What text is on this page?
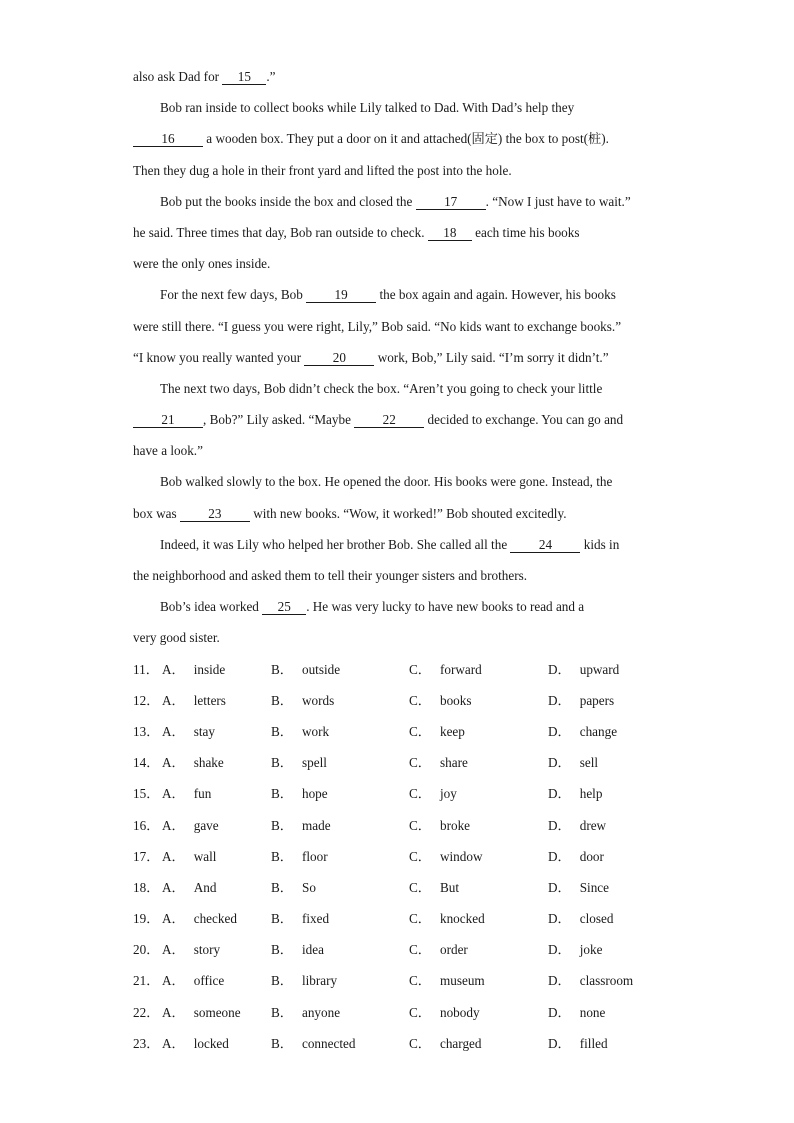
also ask Dad for 15 .”
Bob ran inside to collect books while Lily talked to Dad. With Dad’s help they
16 a wooden box. They put a door on it and attached(固定) the box to post(桩).
Then they dug a hole in their front yard and lifted the post into the hole.
Bob put the books inside the box and closed the 17 . “Now I just have to wait.”
he said. Three times that day, Bob ran outside to check. 18 each time his books
were the only ones inside.
For the next few days, Bob 19 the box again and again. However, his books
were still there. “I guess you were right, Lily,” Bob said. “No kids want to exchange books.”
“I know you really wanted your 20 work, Bob,” Lily said. “I’m sorry it didn’t.”
The next two days, Bob didn’t check the box. “Aren’t you going to check your little
21 , Bob?” Lily asked. “Maybe 22 decided to exchange. You can go and
have a look.”
Bob walked slowly to the box. He opened the door. His books were gone. Instead, the
box was 23 with new books. “Wow, it worked!” Bob shouted excitedly.
Indeed, it was Lily who helped her brother Bob. She called all the 24 kids in
the neighborhood and asked them to tell their younger sisters and brothers.
Bob’s idea worked 25 . He was very lucky to have new books to read and a
very good sister.
11． A． inside	B． outside	C． forward	D． upward
12． A． letters	B． words	C． books	D． papers
13． A． stay	B． work	C． keep	D． change
14． A． shake	B． spell	C． share	D． sell
15． A． fun	B． hope	C． joy	D． help
16． A． gave	B． made	C． broke	D． drew
17． A． wall	B． floor	C． window	D． door
18． A． And	B． So	C． But	D． Since
19． A． checked	B． fixed	C． knocked	D． closed
20． A． story	B． idea	C． order	D． joke
21． A． office	B． library	C． museum	D． classroom
22． A． someone B． anyone	C． nobody	D． none
23． A． locked	B． connected	C． charged	D． filled
